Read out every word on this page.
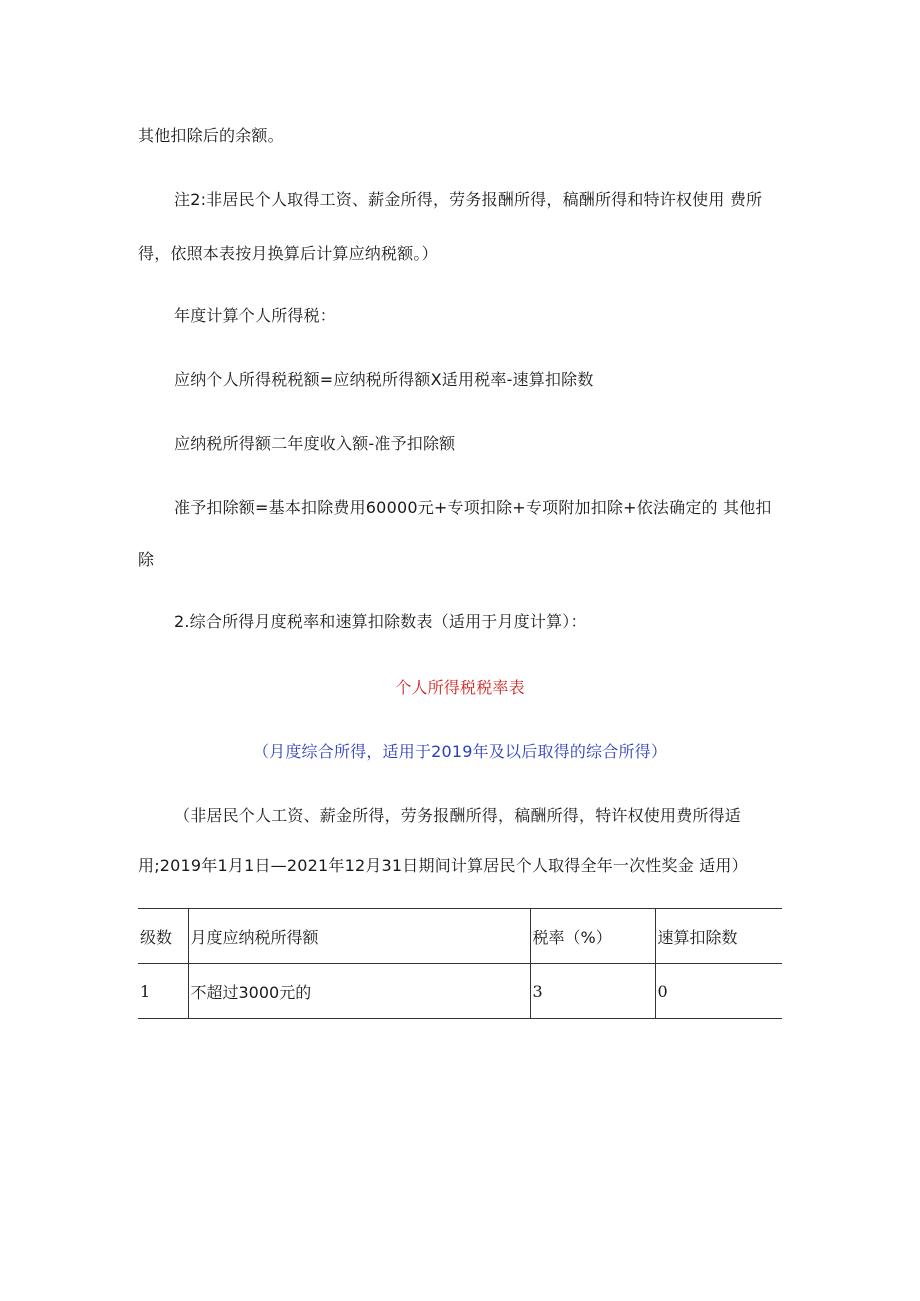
其他扣除后的余额。
注2:非居民个人取得工资、薪金所得，劳务报酬所得，稿酬所得和特许权使用 费所
得，依照本表按月换算后计算应纳税额。）
年度计算个人所得税：
应纳个人所得税税额=应纳税所得额X适用税率-速算扣除数
应纳税所得额二年度收入额-准予扣除额
准予扣除额=基本扣除费用60000元+专项扣除+专项附加扣除+依法确定的 其他扣
除
2.综合所得月度税率和速算扣除数表（适用于月度计算）：
个人所得税税率表
（月度综合所得，适用于2019年及以后取得的综合所得）
（非居民个人工资、薪金所得，劳务报酬所得，稿酬所得，特许权使用费所得适
用;2019年1月1日—2021年12月31日期间计算居民个人取得全年一次性奖金 适用）
级数	月度应纳税所得额	税率（%）	速算扣除数
1	不超过3000元的	3	0
